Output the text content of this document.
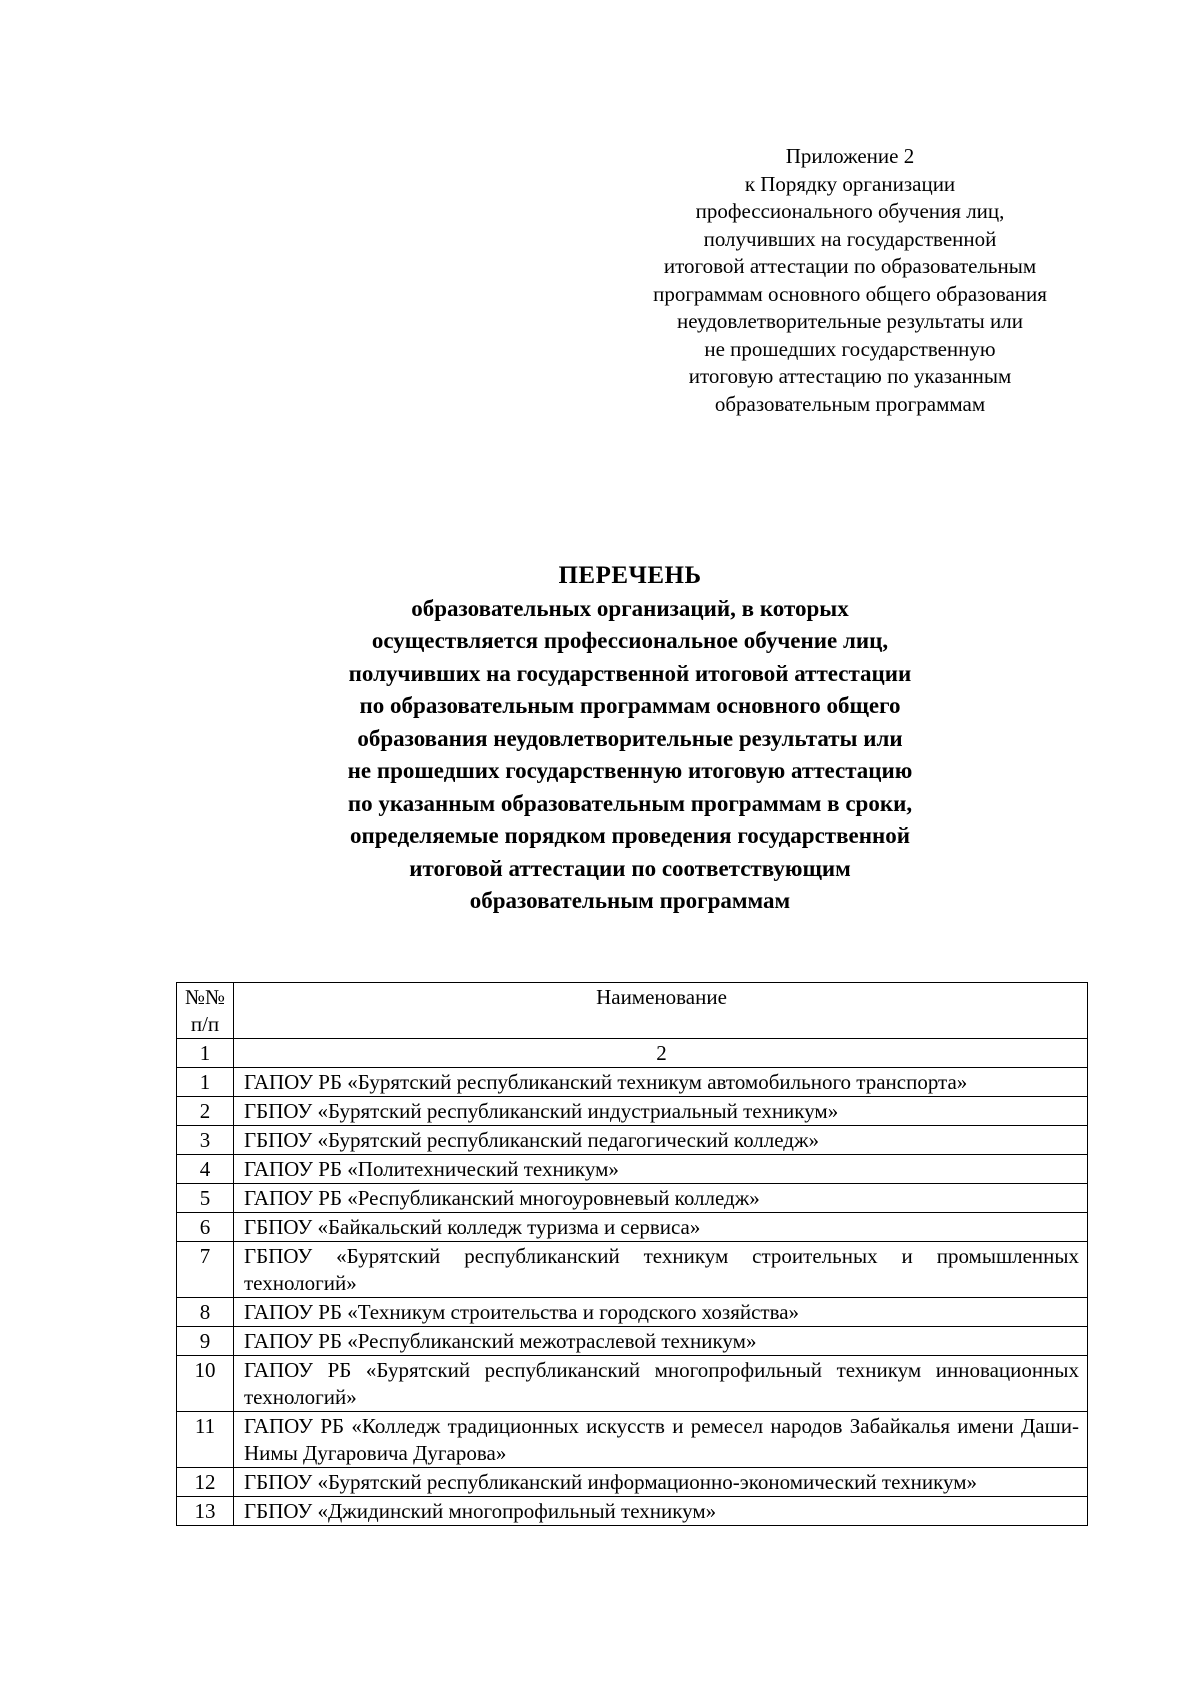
Приложение 2
к Порядку организации
профессионального обучения лиц,
получивших на государственной
итоговой аттестации по образовательным
программам основного общего образования
неудовлетворительные результаты или
не прошедших государственную
итоговую аттестацию по указанным
образовательным программам
ПЕРЕЧЕНЬ
образовательных организаций, в которых
осуществляется профессиональное обучение лиц,
получивших на государственной итоговой аттестации
по образовательным программам основного общего
образования неудовлетворительные результаты или
не прошедших государственную итоговую аттестацию
по указанным образовательным программам в сроки,
определяемые порядком проведения государственной
итоговой аттестации по соответствующим
образовательным программам
№№
п/п	Наименование
1	2
1	ГАПОУ РБ «Бурятский республиканский техникум автомобильного транспорта»
2	ГБПОУ «Бурятский республиканский индустриальный техникум»
3	ГБПОУ «Бурятский республиканский педагогический колледж»
4	ГАПОУ РБ «Политехнический техникум»
5	ГАПОУ РБ «Республиканский многоуровневый колледж»
6	ГБПОУ «Байкальский колледж туризма и сервиса»
7	ГБПОУ «Бурятский республиканский техникум строительных и промышленных технологий»
8	ГАПОУ РБ «Техникум строительства и городского хозяйства»
9	ГАПОУ РБ «Республиканский межотраслевой техникум»
10	ГАПОУ РБ «Бурятский республиканский многопрофильный техникум инновационных технологий»
11	ГАПОУ РБ «Колледж традиционных искусств и ремесел народов Забайкалья имени Даши-Нимы Дугаровича Дугарова»
12	ГБПОУ «Бурятский республиканский информационно-экономический техникум»
13	ГБПОУ «Джидинский многопрофильный техникум»
